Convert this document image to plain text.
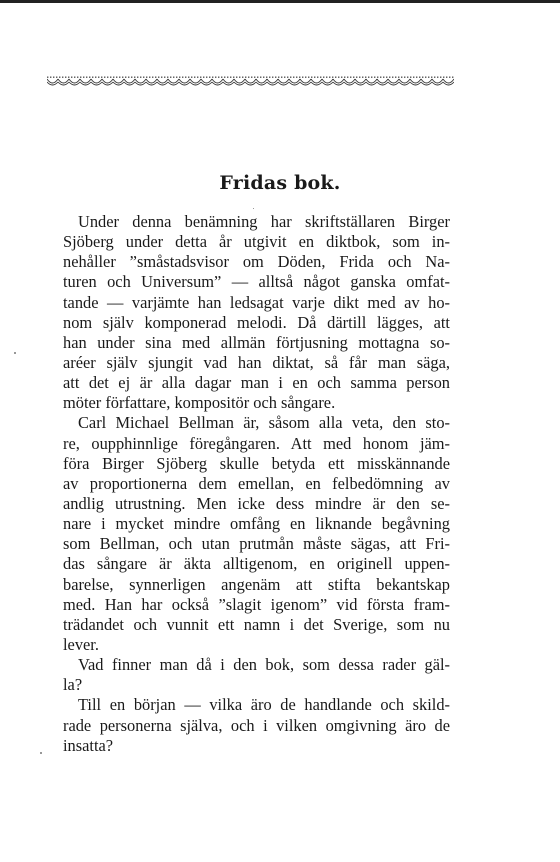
Fridas bok.
Under denna benämning har skriftställaren Birger
Sjöberg under detta år utgivit en diktbok, som in-
nehåller ”småstadsvisor om Döden, Frida och Na-
turen och Universum” — alltså något ganska omfat-
tande — varjämte han ledsagat varje dikt med av ho-
nom själv komponerad melodi. Då därtill lägges, att
han under sina med allmän förtjusning mottagna so-
aréer själv sjungit vad han diktat, så får man säga,
att det ej är alla dagar man i en och samma person
möter författare, kompositör och sångare.
Carl Michael Bellman är, såsom alla veta, den sto-
re, oupphinnlige föregångaren. Att med honom jäm-
föra Birger Sjöberg skulle betyda ett misskännande
av proportionerna dem emellan, en felbedömning av
andlig utrustning. Men icke dess mindre är den se-
nare i mycket mindre omfång en liknande begåvning
som Bellman, och utan prutmån måste sägas, att Fri-
das sångare är äkta alltigenom, en originell uppen-
barelse, synnerligen angenäm att stifta bekantskap
med. Han har också ”slagit igenom” vid första fram-
trädandet och vunnit ett namn i det Sverige, som nu
lever.
Vad finner man då i den bok, som dessa rader gäl-
la?
Till en början — vilka äro de handlande och skild-
rade personerna själva, och i vilken omgivning äro de
insatta?
